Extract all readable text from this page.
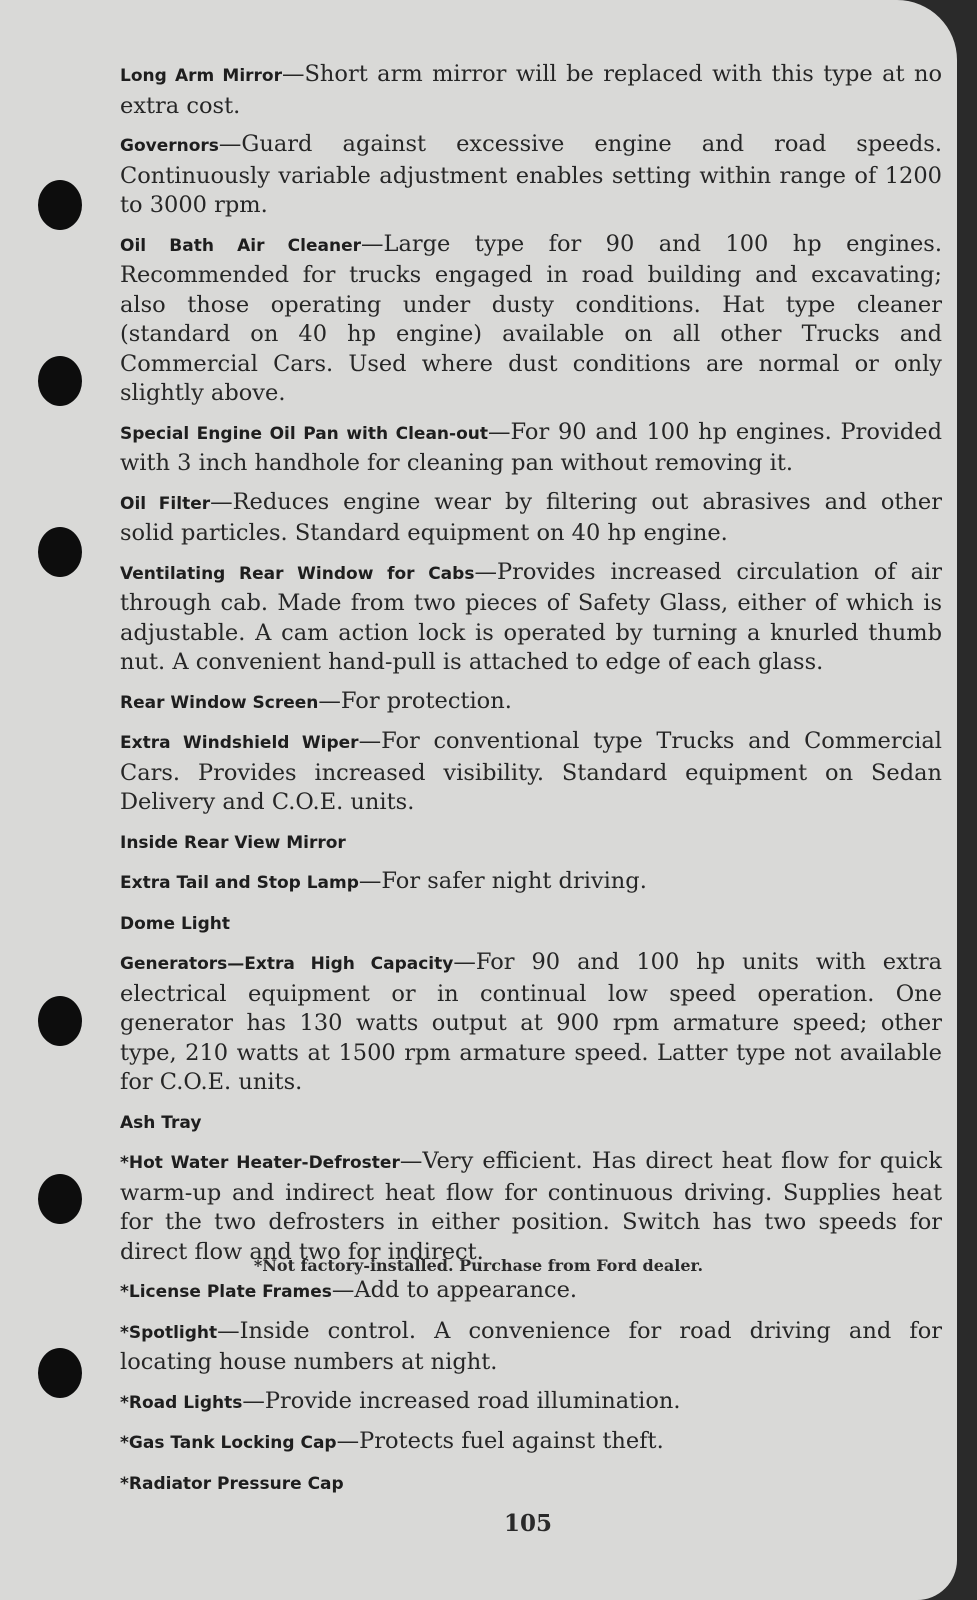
Long Arm Mirror—Short arm mirror will be replaced with this type at no extra cost.

Governors—Guard against excessive engine and road speeds. Continuously variable adjustment enables setting within range of 1200 to 3000 rpm.

Oil Bath Air Cleaner—Large type for 90 and 100 hp engines. Recommended for trucks engaged in road building and excavating; also those operating under dusty conditions. Hat type cleaner (standard on 40 hp engine) available on all other Trucks and Commercial Cars. Used where dust conditions are normal or only slightly above.

Special Engine Oil Pan with Clean-out—For 90 and 100 hp engines. Provided with 3 inch handhole for cleaning pan without removing it.

Oil Filter—Reduces engine wear by filtering out abrasives and other solid particles. Standard equipment on 40 hp engine.

Ventilating Rear Window for Cabs—Provides increased circulation of air through cab. Made from two pieces of Safety Glass, either of which is adjustable. A cam action lock is operated by turning a knurled thumb nut. A convenient hand-pull is attached to edge of each glass.

Rear Window Screen—For protection.

Extra Windshield Wiper—For conventional type Trucks and Commercial Cars. Provides increased visibility. Standard equipment on Sedan Delivery and C.O.E. units.

Inside Rear View Mirror

Extra Tail and Stop Lamp—For safer night driving.

Dome Light

Generators—Extra High Capacity—For 90 and 100 hp units with extra electrical equipment or in continual low speed operation. One generator has 130 watts output at 900 rpm armature speed; other type, 210 watts at 1500 rpm armature speed. Latter type not available for C.O.E. units.

Ash Tray

*Hot Water Heater-Defroster—Very efficient. Has direct heat flow for quick warm-up and indirect heat flow for continuous driving. Supplies heat for the two defrosters in either position. Switch has two speeds for direct flow and two for indirect.

*License Plate Frames—Add to appearance.

*Spotlight—Inside control. A convenience for road driving and for locating house numbers at night.

*Road Lights—Provide increased road illumination.

*Gas Tank Locking Cap—Protects fuel against theft.

*Radiator Pressure Cap

*Not factory-installed. Purchase from Ford dealer.
105
